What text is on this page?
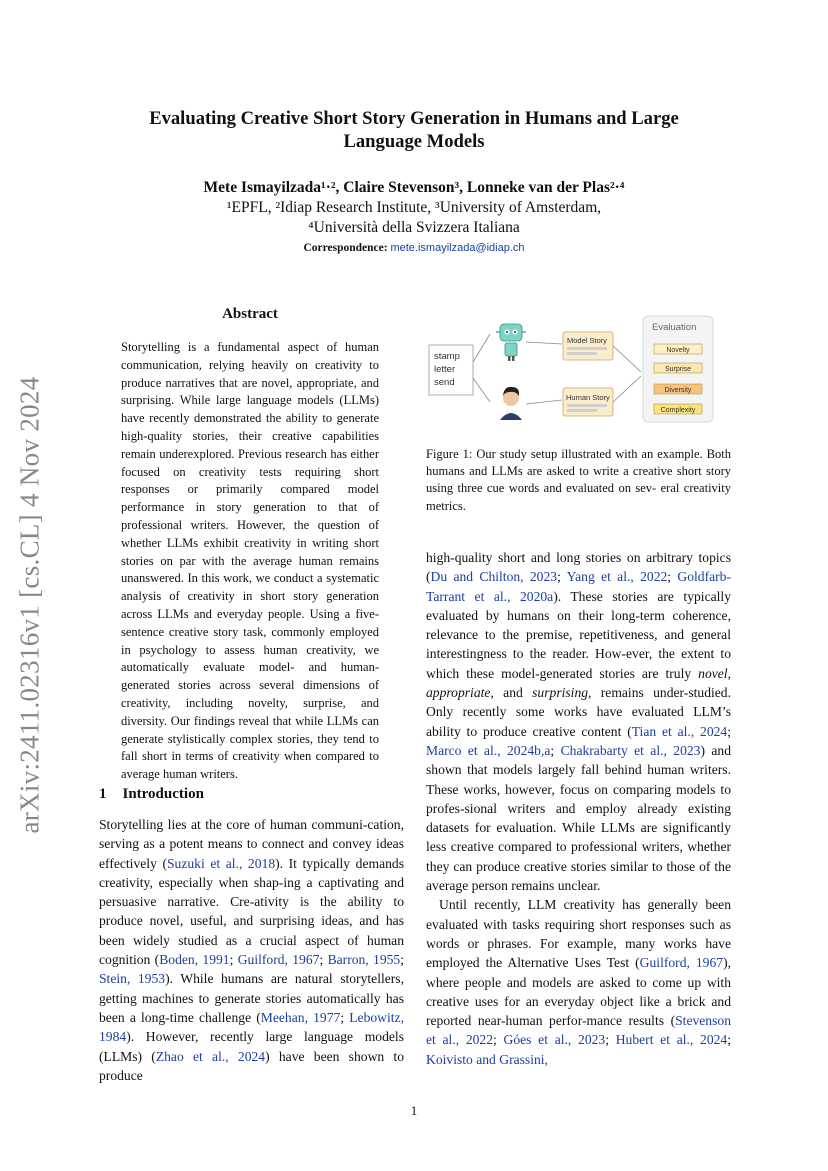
arXiv:2411.02316v1 [cs.CL] 4 Nov 2024
Evaluating Creative Short Story Generation in Humans and Large
Language Models
Mete Ismayilzada¹·², Claire Stevenson³, Lonneke van der Plas²·⁴
¹EPFL, ²Idiap Research Institute, ³University of Amsterdam,
⁴Università della Svizzera Italiana
Correspondence: mete.ismayilzada@idiap.ch
Abstract

Storytelling is a fundamental aspect of human communication, relying heavily on creativity to produce narratives that are novel, appropriate, and surprising. While large language models (LLMs) have recently demonstrated the ability to generate high-quality stories, their creative capabilities remain underexplored. Previous research has either focused on creativity tests requiring short responses or primarily compared model performance in story generation to that of professional writers. However, the question of whether LLMs exhibit creativity in writing short stories on par with the average human remains unanswered. In this work, we conduct a systematic analysis of creativity in short story generation across LLMs and everyday people. Using a five-sentence creative story task, commonly employed in psychology to assess human creativity, we automatically evaluate model- and human-generated stories across several dimensions of creativity, including novelty, surprise, and diversity. Our findings reveal that while LLMs can generate stylistically complex stories, they tend to fall short in terms of creativity when compared to average human writers.

stamp
letter
send
Model Story
Human Story
Evaluation
Novelty
Surprise
Diversity
Complexity
Figure 1: Our study setup illustrated with an example. Both humans and LLMs are asked to write a creative short story using three cue words and evaluated on sev- eral creativity metrics.
1 Introduction

Storytelling lies at the core of human communi-cation, serving as a potent means to connect and convey ideas effectively (Suzuki et al., 2018). It typically demands creativity, especially when shap-ing a captivating and persuasive narrative. Cre-ativity is the ability to produce novel, useful, and surprising ideas, and has been widely studied as a crucial aspect of human cognition (Boden, 1991; Guilford, 1967; Barron, 1955; Stein, 1953). While humans are natural storytellers, getting machines to generate stories automatically has been a long-time challenge (Meehan, 1977; Lebowitz, 1984). However, recently large language models (LLMs) (Zhao et al., 2024) have been shown to produce

high-quality short and long stories on arbitrary topics (Du and Chilton, 2023; Yang et al., 2022; Goldfarb-Tarrant et al., 2020a). These stories are typically evaluated by humans on their long-term coherence, relevance to the premise, repetitiveness, and general interestingness to the reader. How-ever, the extent to which these model-generated stories are truly novel, appropriate, and surprising, remains under-studied. Only recently some works have evaluated LLM’s ability to produce creative content (Tian et al., 2024; Marco et al., 2024b,a; Chakrabarty et al., 2023) and shown that models largely fall behind human writers. These works, however, focus on comparing models to profes-sional writers and employ already existing datasets for evaluation. While LLMs are significantly less creative compared to professional writers, whether they can produce creative stories similar to those of the average person remains unclear.

Until recently, LLM creativity has generally been evaluated with tasks requiring short responses such as words or phrases. For example, many works have employed the Alternative Uses Test (Guilford, 1967), where people and models are asked to come up with creative uses for an everyday object like a brick and reported near-human perfor-mance results (Stevenson et al., 2022; Góes et al., 2023; Hubert et al., 2024; Koivisto and Grassini,

1
